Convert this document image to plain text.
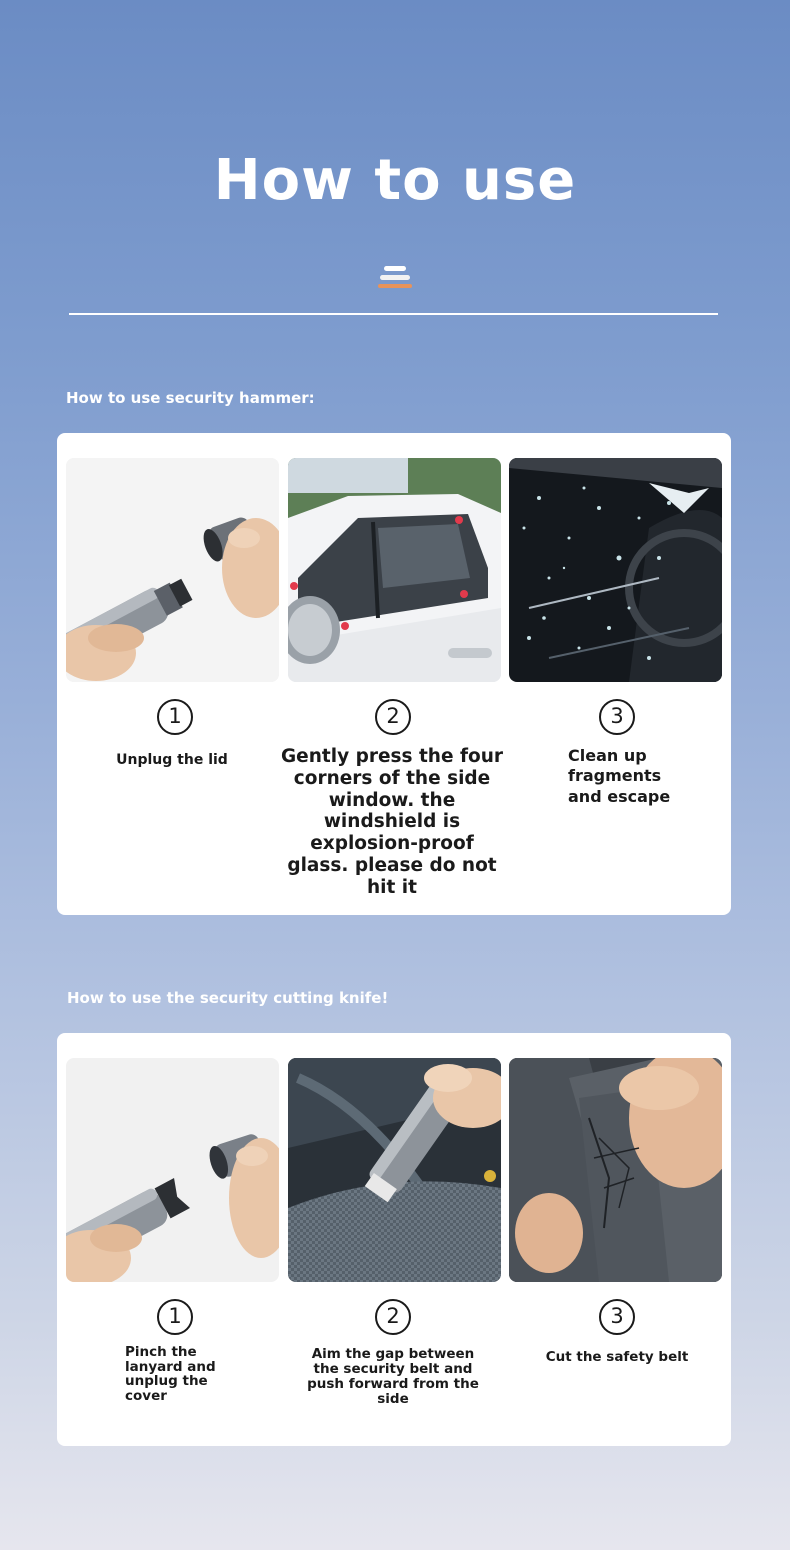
How to use
How to use security hammer:
1	2	3
Unplug the lid	Gently press the four corners of the side window. the windshield is explosion-proof glass. please do not hit it
Clean up fragments and escape
How to use the security cutting knife!
1	2	3
Pinch the lanyard and unplug the cover
Aim the gap between the security belt and push forward from the side
Cut the safety belt
